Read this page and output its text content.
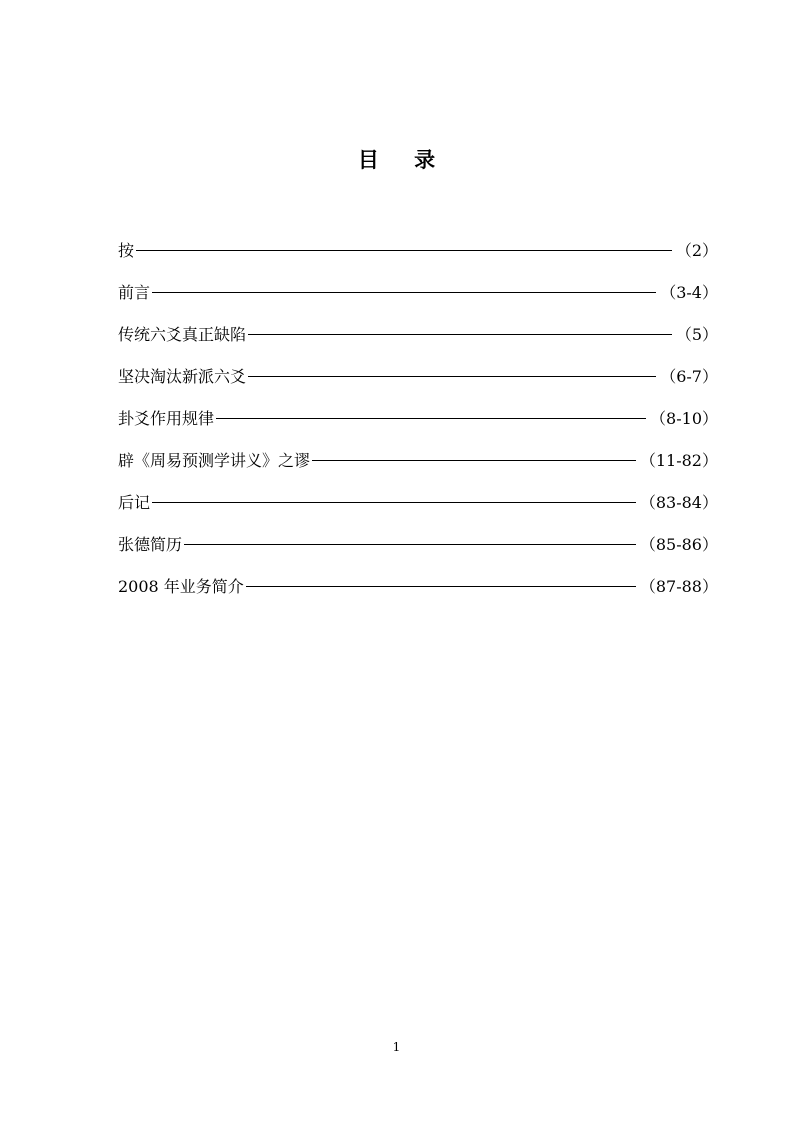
目 录
按	（2）
前言	（3-4）
传统六爻真正缺陷	（5）
坚决淘汰新派六爻	（6-7）
卦爻作用规律	（8-10）
辟《周易预测学讲义》之谬	（11-82）
后记	（83-84）
张德简历	（85-86）
2008 年业务简介	（87-88）
1
